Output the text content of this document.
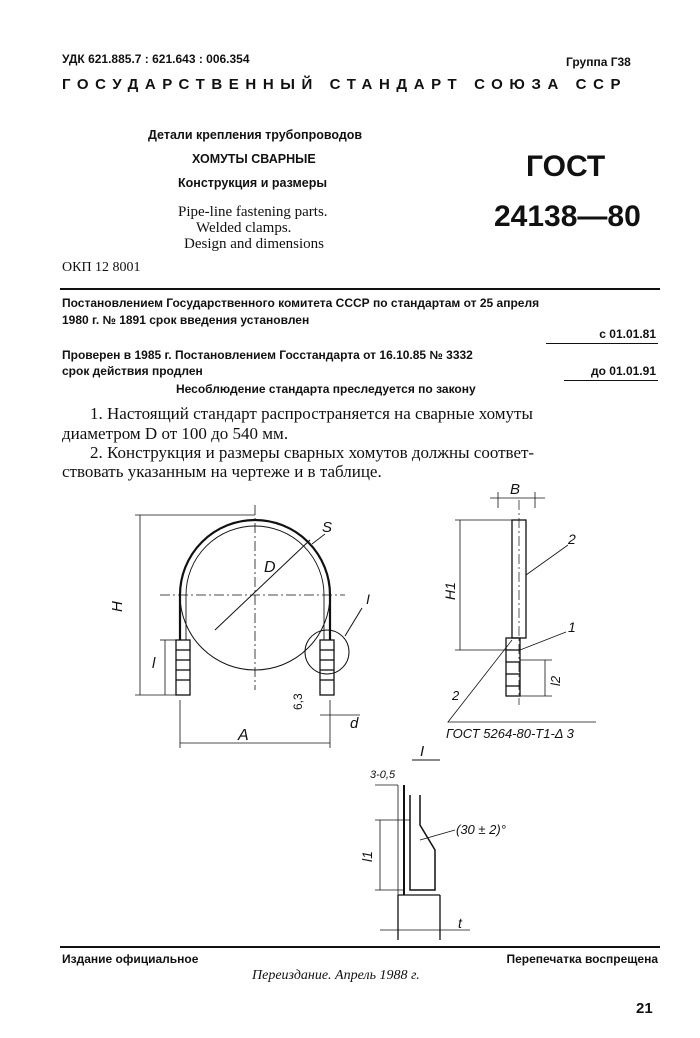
УДК 621.885.7 : 621.643 : 006.354	Группа Г38
ГОСУДАРСТВЕННЫЙ СТАНДАРТ СОЮЗА ССР
Детали крепления трубопроводов
ХОМУТЫ СВАРНЫЕ
Конструкция и размеры
Pipe-line fastening parts.
Welded clamps.
Design and dimensions
ГОСТ
24138—80
ОКП 12 8001
Постановлением Государственного комитета СССР по стандартам от 25 апреля
1980 г. № 1891 срок введения установлен
с 01.01.81
Проверен в 1985 г. Постановлением Госстандарта от 16.10.85 № 3332
срок действия продлен	до 01.01.91
Несоблюдение стандарта преследуется по закону
1. Настоящий стандарт распространяется на сварные хомуты
диаметром D от 100 до 540 мм.
2. Конструкция и размеры сварных хомутов должны соответ-
ствовать указанным на чертеже и в таблице.
H
S
D
l
6,3
d
A
I
B
H1
2
1
l2
2
ГОСТ 5264-80-Т1-Δ 3
I
3-0,5
(30 ± 2)°
l1
t
Издание официальное	Перепечатка воспрещена
Переиздание. Апрель 1988 г.
21
